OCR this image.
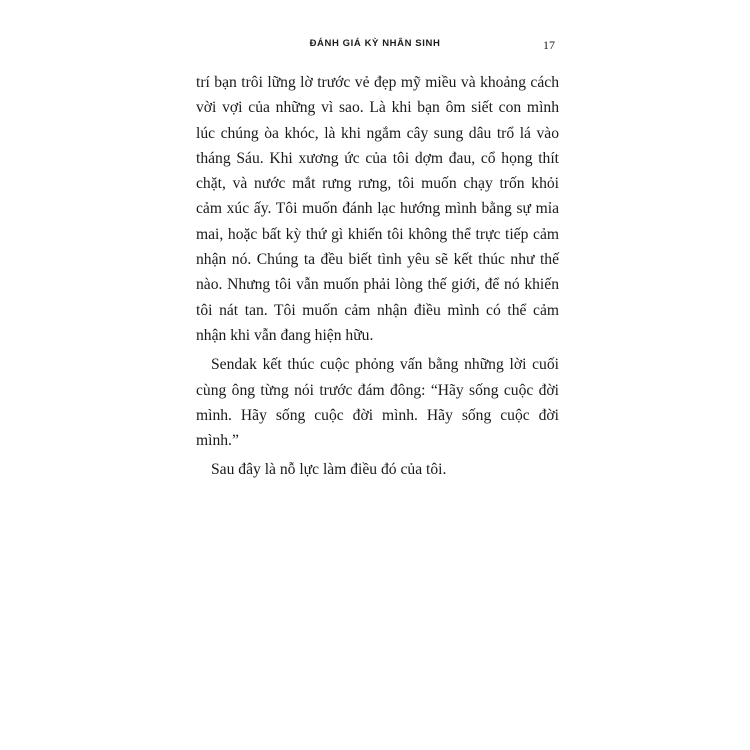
ĐÁNH GIÁ KỲ NHÂN SINH	17

trí bạn trôi lững lờ trước vẻ đẹp mỹ miều và khoảng cách vời vợi của những vì sao. Là khi bạn ôm siết con mình lúc chúng òa khóc, là khi ngắm cây sung dâu trổ lá vào tháng Sáu. Khi xương ức của tôi dợm đau, cổ họng thít chặt, và nước mắt rưng rưng, tôi muốn chạy trốn khỏi cảm xúc ấy. Tôi muốn đánh lạc hướng mình bằng sự mỉa mai, hoặc bất kỳ thứ gì khiến tôi không thể trực tiếp cảm nhận nó. Chúng ta đều biết tình yêu sẽ kết thúc như thế nào. Nhưng tôi vẫn muốn phải lòng thế giới, để nó khiến tôi nát tan. Tôi muốn cảm nhận điều mình có thể cảm nhận khi vẫn đang hiện hữu.

Sendak kết thúc cuộc phỏng vấn bằng những lời cuối cùng ông từng nói trước đám đông: “Hãy sống cuộc đời mình. Hãy sống cuộc đời mình. Hãy sống cuộc đời mình.”

Sau đây là nỗ lực làm điều đó của tôi.
